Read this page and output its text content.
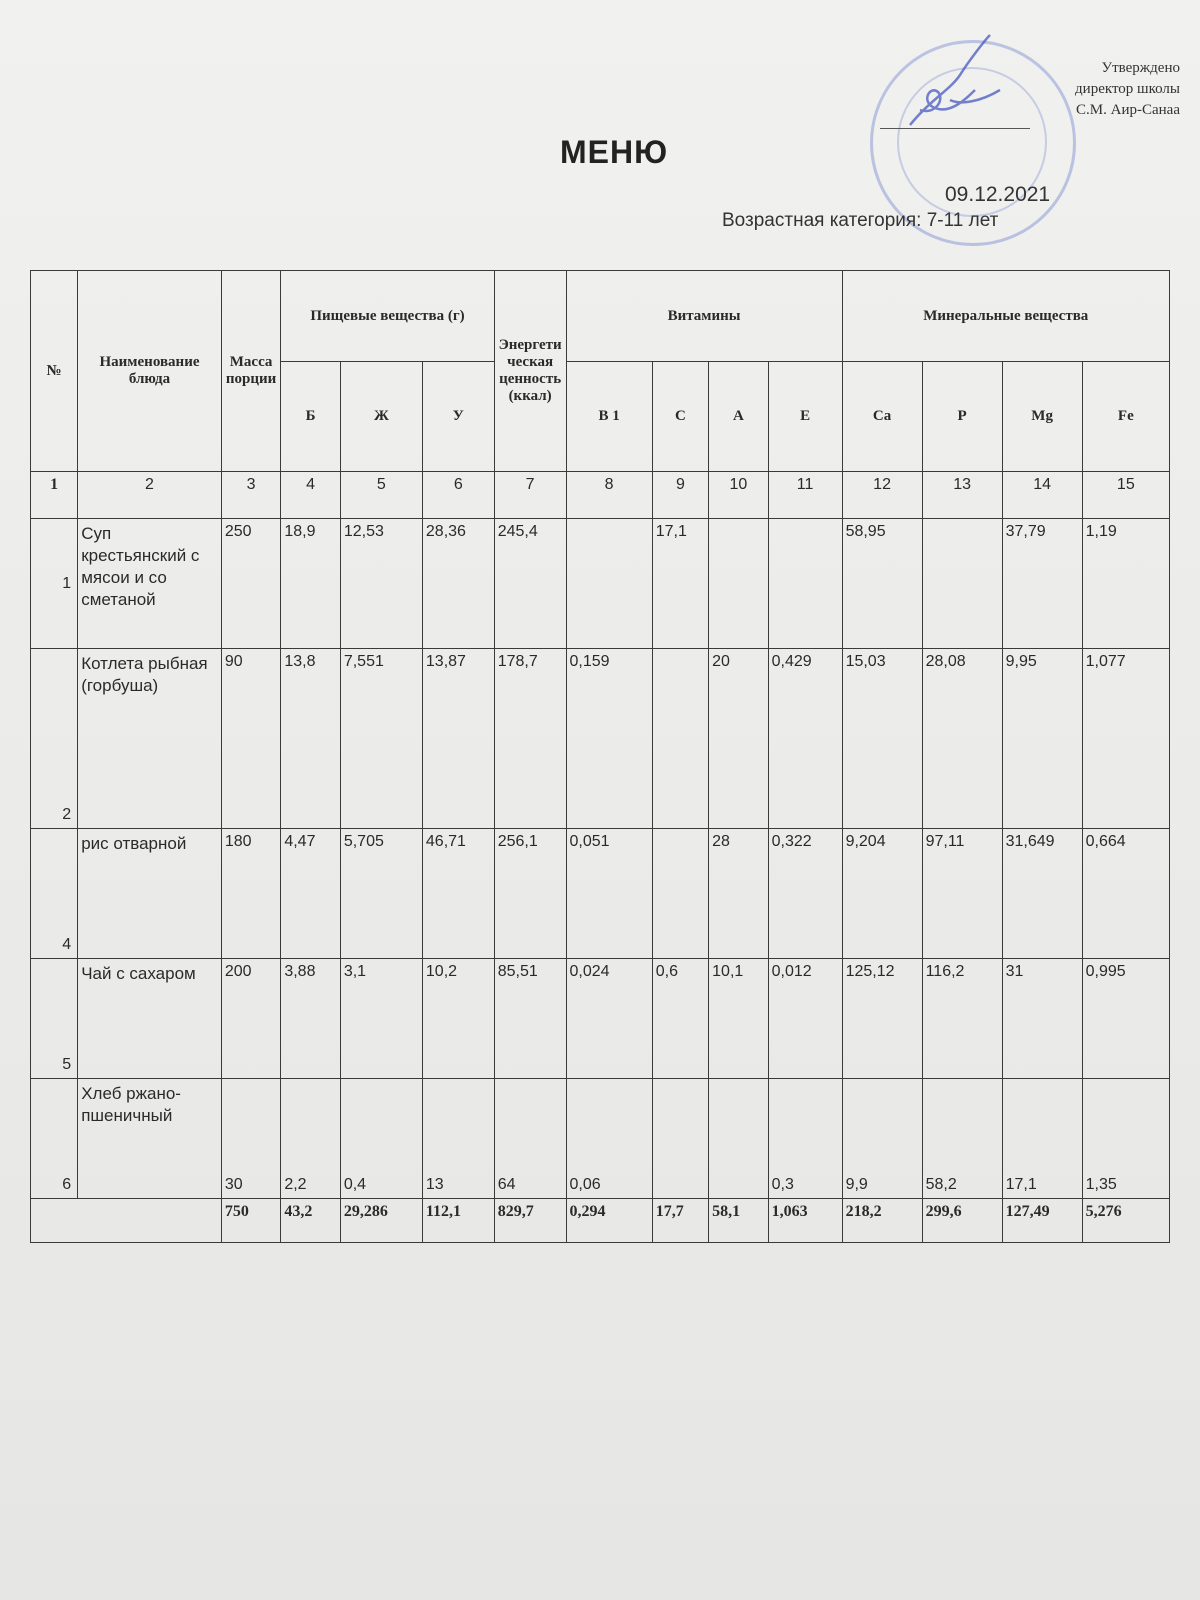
Утверждено
директор школы
С.М. Аир-Санаа
МЕНЮ
09.12.2021
Возрастная категория: 7-11 лет
№	Наименование блюда	Масса порции	Пищевые вещества (г)			Энергетическая ценность (ккал)	Витамины				Минеральные вещества			
			Б	Ж	У		В 1	С	А	Е	Ca	P	Mg	Fe
1	2	3	4	5	6	7	8	9	10	11	12	13	14	15
1	Суп крестьянский с мясои и со сметаной	250	18,9	12,53	28,36	245,4		17,1			58,95		37,79	1,19
2	Котлета рыбная (горбуша)	90	13,8	7,551	13,87	178,7	0,159		20	0,429	15,03	28,08	9,95	1,077
4	рис отварной	180	4,47	5,705	46,71	256,1	0,051		28	0,322	9,204	97,11	31,649	0,664
5	Чай с сахаром	200	3,88	3,1	10,2	85,51	0,024	0,6	10,1	0,012	125,12	116,2	31	0,995
6	Хлеб ржано-пшеничный	30	2,2	0,4	13	64	0,06			0,3	9,9	58,2	17,1	1,35
		750	43,2	29,286	112,1	829,7	0,294	17,7	58,1	1,063	218,2	299,6	127,49	5,276
